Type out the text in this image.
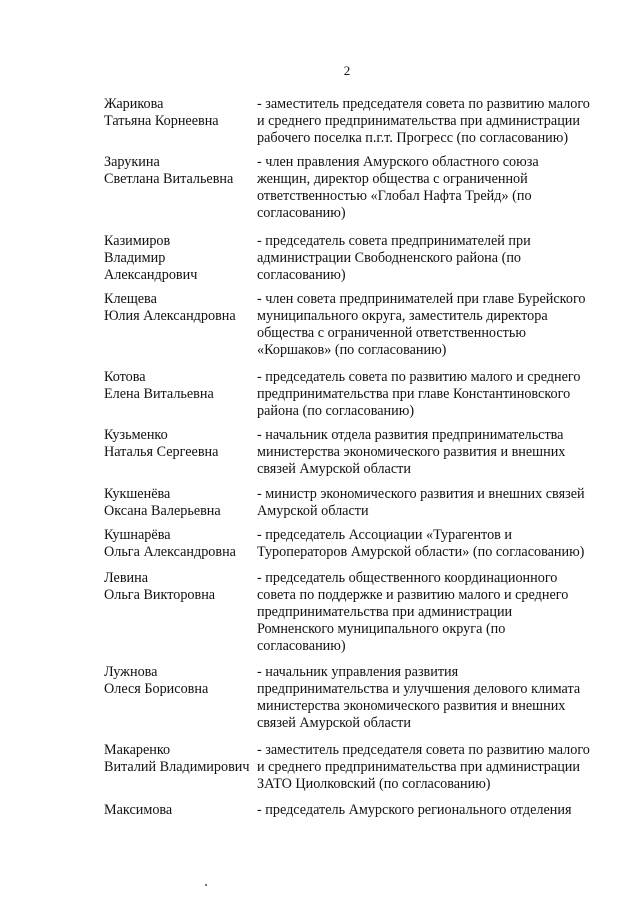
2
Жарикова
Татьяна Корнеевна
- заместитель председателя совета по развитию малого
и среднего предпринимательства при администрации
рабочего поселка п.г.т. Прогресс (по согласованию)
Зарукина
Светлана Витальевна
- член правления Амурского областного союза
женщин, директор общества с ограниченной
ответственностью «Глобал Нафта Трейд» (по
согласованию)
Казимиров
Владимир
Александрович
- председатель совета предпринимателей при
администрации Свободненского района (по
согласованию)
Клещева
Юлия Александровна
- член совета предпринимателей при главе Бурейского
муниципального округа, заместитель директора
общества с ограниченной ответственностью
«Коршаков» (по согласованию)
Котова
Елена Витальевна
- председатель совета по развитию малого и среднего
предпринимательства при главе Константиновского
района (по согласованию)
Кузьменко
Наталья Сергеевна
- начальник отдела развития предпринимательства
министерства экономического развития и внешних
связей Амурской области
Кукшенёва
Оксана Валерьевна
- министр экономического развития и внешних связей
Амурской области
Кушнарёва
Ольга Александровна
- председатель Ассоциации «Турагентов и
Туроператоров Амурской области» (по согласованию)
Левина
Ольга Викторовна
- председатель общественного координационного
совета по поддержке и развитию малого и среднего
предпринимательства при администрации
Ромненского муниципального округа (по
согласованию)
Лужнова
Олеся Борисовна
- начальник управления развития
предпринимательства и улучшения делового климата
министерства экономического развития и внешних
связей Амурской области
Макаренко
Виталий Владимирович
- заместитель председателя совета по развитию малого
и среднего предпринимательства при администрации
ЗАТО Циолковский (по согласованию)
Максимова	- председатель Амурского регионального отделения
